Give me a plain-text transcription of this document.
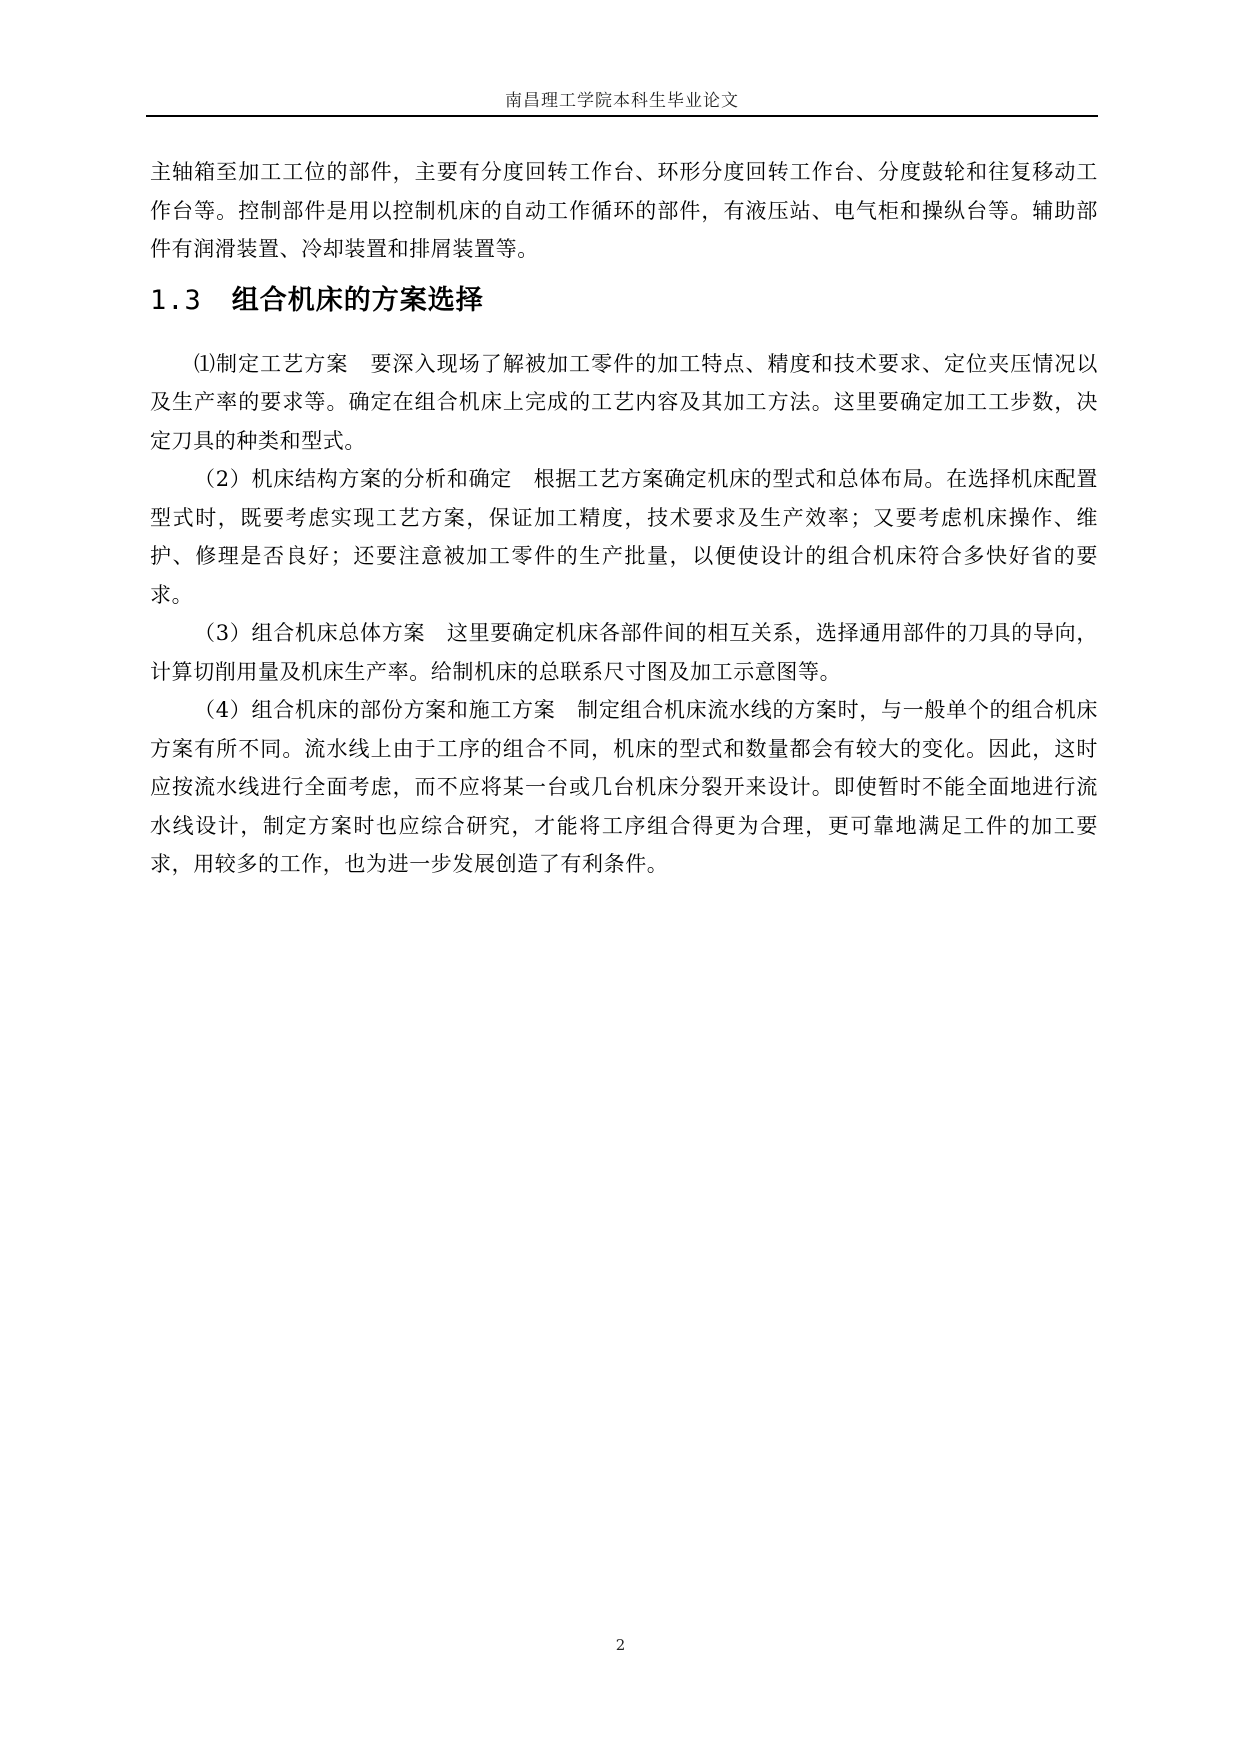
南昌理工学院本科生毕业论文

主轴箱至加工工位的部件，主要有分度回转工作台、环形分度回转工作台、分度鼓轮和往复移动工作台等。控制部件是用以控制机床的自动工作循环的部件，有液压站、电气柜和操纵台等。辅助部件有润滑装置、冷却装置和排屑装置等。

1.3 组合机床的方案选择

⑴制定工艺方案　要深入现场了解被加工零件的加工特点、精度和技术要求、定位夹压情况以及生产率的要求等。确定在组合机床上完成的工艺内容及其加工方法。这里要确定加工工步数，决定刀具的种类和型式。

（2）机床结构方案的分析和确定　根据工艺方案确定机床的型式和总体布局。在选择机床配置型式时，既要考虑实现工艺方案，保证加工精度，技术要求及生产效率；又要考虑机床操作、维护、修理是否良好；还要注意被加工零件的生产批量，以便使设计的组合机床符合多快好省的要求。

（3）组合机床总体方案　这里要确定机床各部件间的相互关系，选择通用部件的刀具的导向，计算切削用量及机床生产率。给制机床的总联系尺寸图及加工示意图等。

（4）组合机床的部份方案和施工方案　制定组合机床流水线的方案时，与一般单个的组合机床方案有所不同。流水线上由于工序的组合不同，机床的型式和数量都会有较大的变化。因此，这时应按流水线进行全面考虑，而不应将某一台或几台机床分裂开来设计。即使暂时不能全面地进行流水线设计，制定方案时也应综合研究，才能将工序组合得更为合理，更可靠地满足工件的加工要求，用较多的工作，也为进一步发展创造了有利条件。

2
